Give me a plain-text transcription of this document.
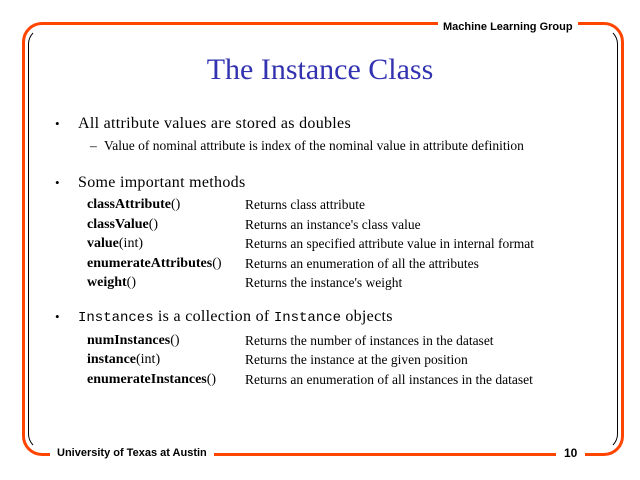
Machine Learning Group
The Instance Class
•	All attribute values are stored as doubles
– Value of nominal attribute is index of the nominal value in attribute definition
•	Some important methods
classAttribute()	Returns class attribute
classValue()	Returns an instance's class value
value(int)	Returns an specified attribute value in internal format
enumerateAttributes()	Returns an enumeration of all the attributes
weight()	Returns the instance's weight
•	Instances is a collection of Instance objects
numInstances()	Returns the number of instances in the dataset
instance(int)	Returns the instance at the given position
enumerateInstances()	Returns an enumeration of all instances in the dataset
University of Texas at Austin	10
